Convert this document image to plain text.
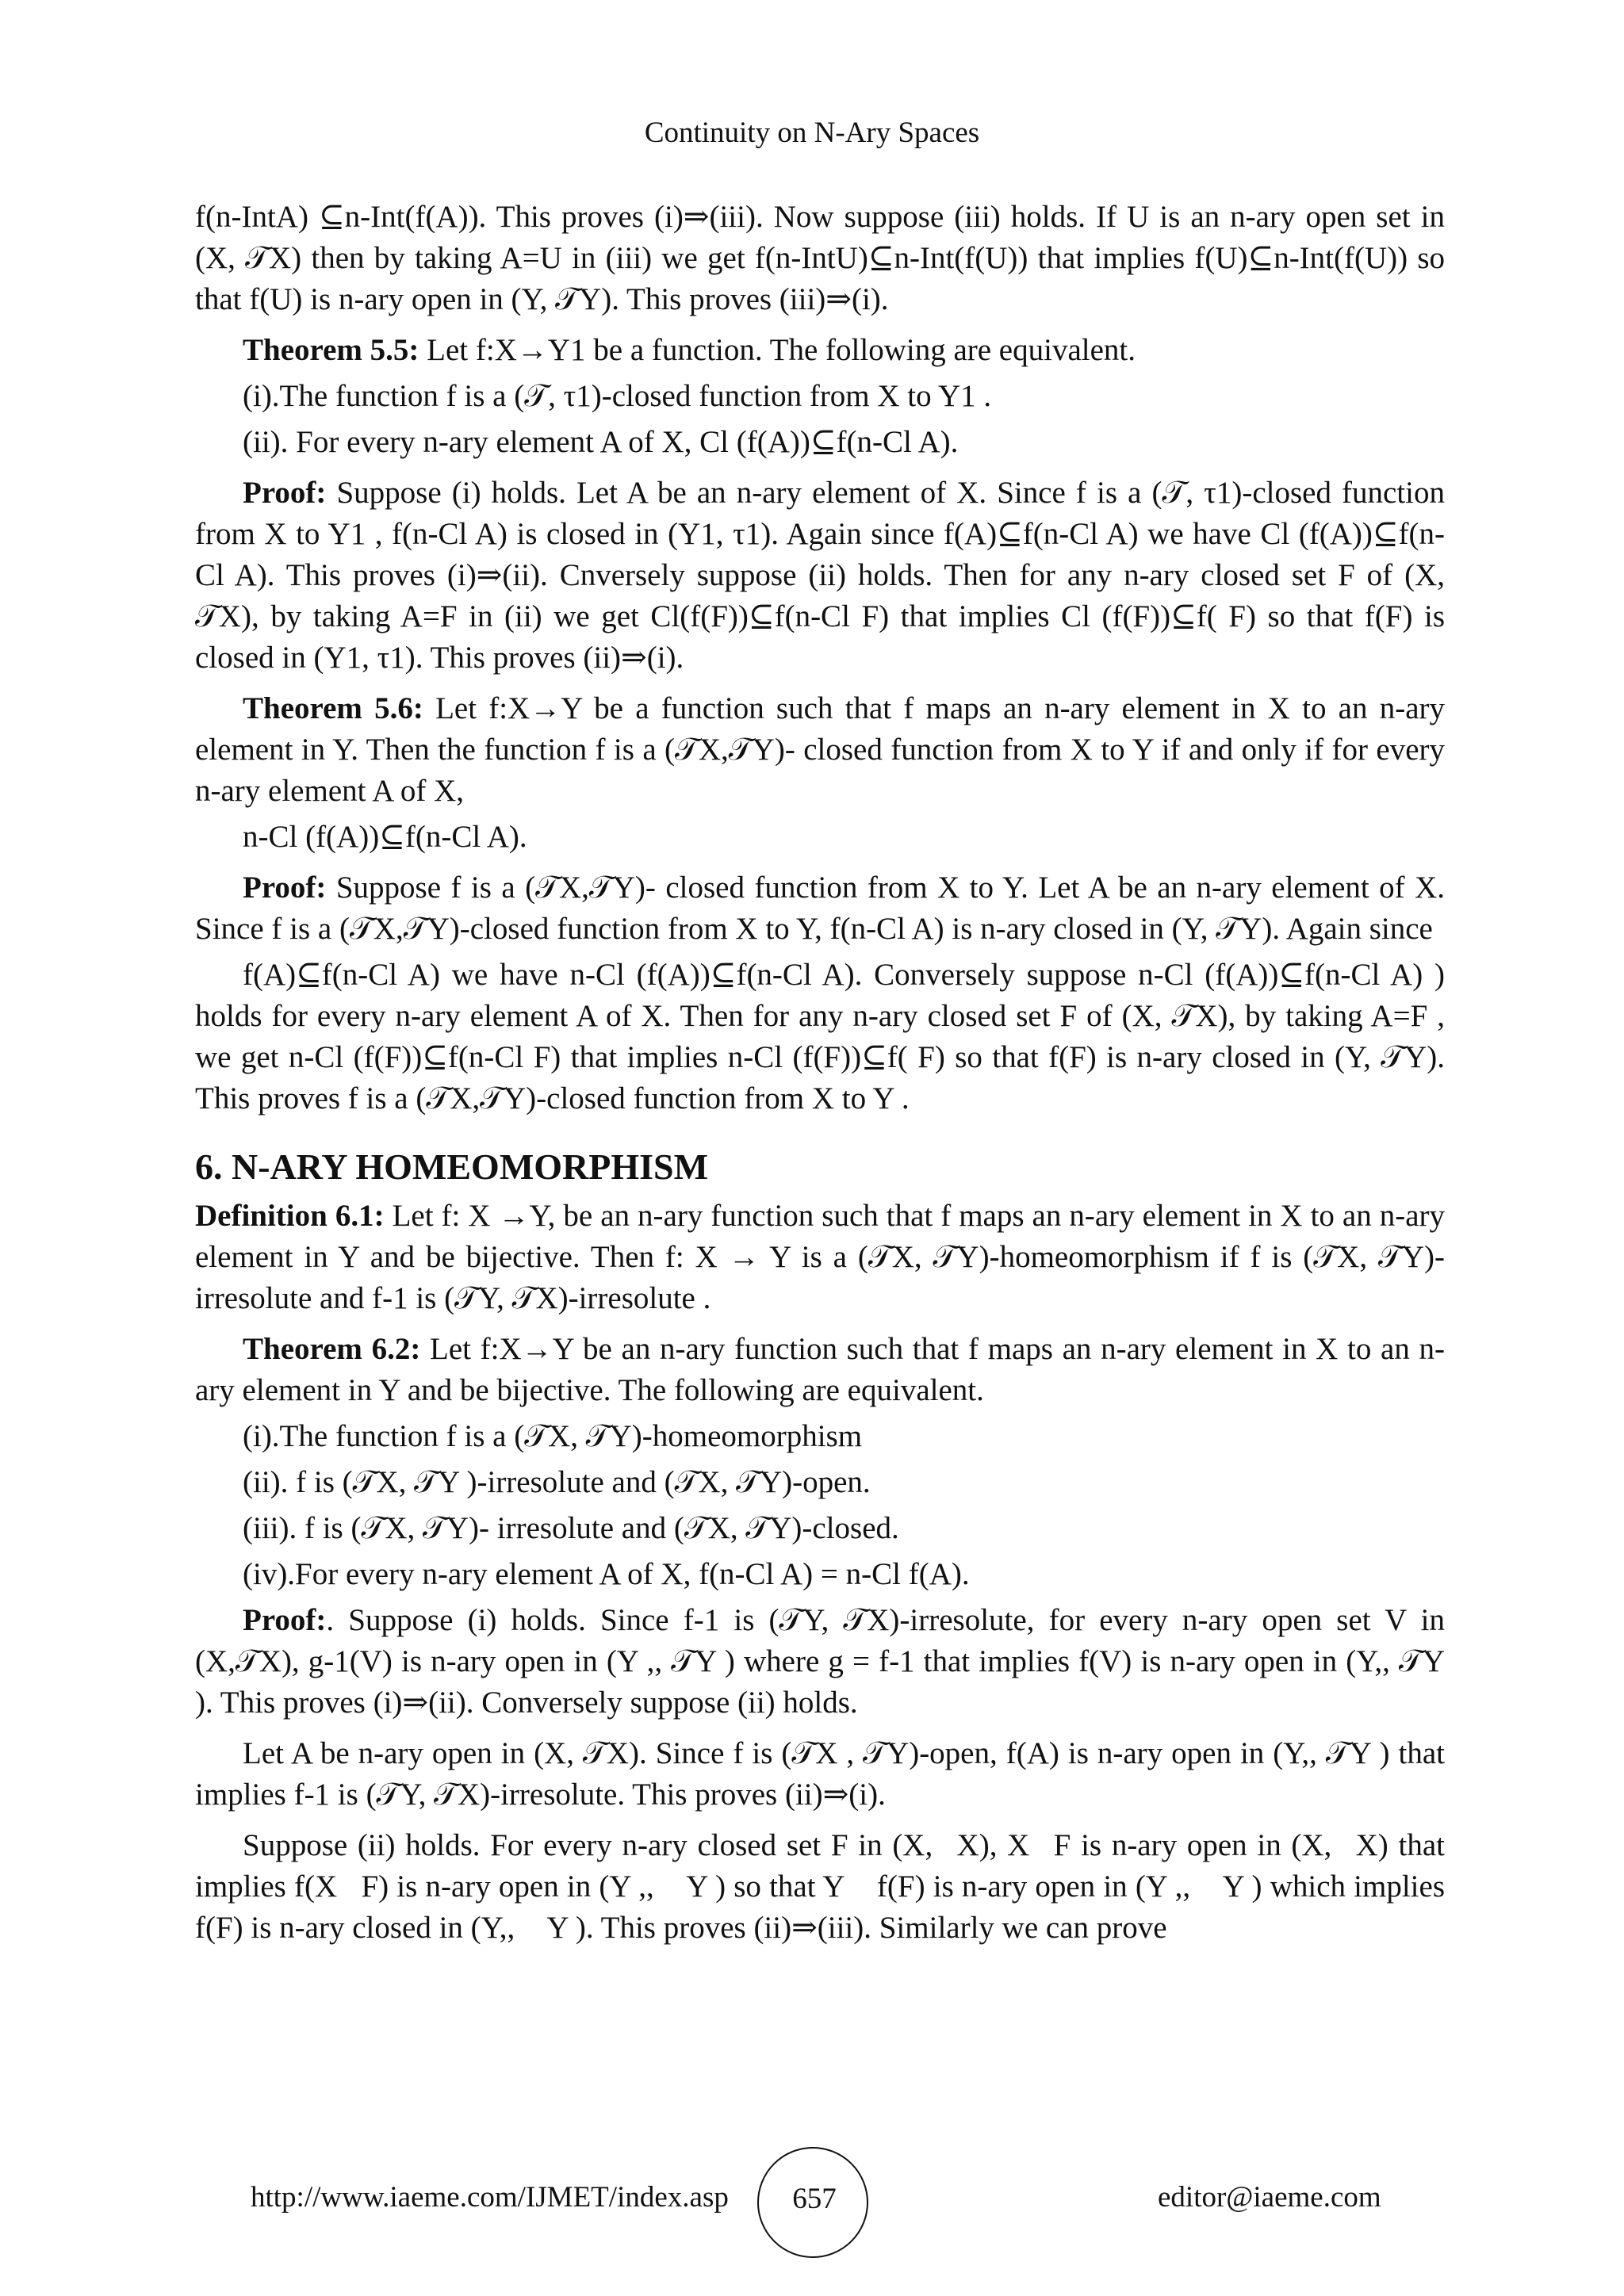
Continuity on N-Ary Spaces

f(n-IntA) ⊆n-Int(f(A)). This proves (i)⇒(iii). Now suppose (iii) holds. If U is an n-ary open set in (X, 𝒯X) then by taking A=U in (iii) we get f(n-IntU)⊆n-Int(f(U)) that implies f(U)⊆n-Int(f(U)) so that f(U) is n-ary open in (Y, 𝒯Y). This proves (iii)⇒(i).

Theorem 5.5: Let f:X→Y1 be a function. The following are equivalent.

(i).The function f is a (𝒯, τ1)-closed function from X to Y1 .

(ii). For every n-ary element A of X, Cl (f(A))⊆f(n-Cl A).

Proof: Suppose (i) holds. Let A be an n-ary element of X. Since f is a (𝒯, τ1)-closed function from X to Y1 , f(n-Cl A) is closed in (Y1, τ1). Again since f(A)⊆f(n-Cl A) we have Cl (f(A))⊆f(n-Cl A). This proves (i)⇒(ii). Cnversely suppose (ii) holds. Then for any n-ary closed set F of (X, 𝒯X), by taking A=F in (ii) we get Cl(f(F))⊆f(n-Cl F) that implies Cl (f(F))⊆f( F) so that f(F) is closed in (Y1, τ1). This proves (ii)⇒(i).

Theorem 5.6: Let f:X→Y be a function such that f maps an n-ary element in X to an n-ary element in Y. Then the function f is a (𝒯X,𝒯Y)- closed function from X to Y if and only if for every n-ary element A of X,

n-Cl (f(A))⊆f(n-Cl A).

Proof: Suppose f is a (𝒯X,𝒯Y)- closed function from X to Y. Let A be an n-ary element of X. Since f is a (𝒯X,𝒯Y)-closed function from X to Y, f(n-Cl A) is n-ary closed in (Y, 𝒯Y). Again since

f(A)⊆f(n-Cl A) we have n-Cl (f(A))⊆f(n-Cl A). Conversely suppose n-Cl (f(A))⊆f(n-Cl A) ) holds for every n-ary element A of X. Then for any n-ary closed set F of (X, 𝒯X), by taking A=F , we get n-Cl (f(F))⊆f(n-Cl F) that implies n-Cl (f(F))⊆f( F) so that f(F) is n-ary closed in (Y, 𝒯Y). This proves f is a (𝒯X,𝒯Y)-closed function from X to Y .

6. N-ARY HOMEOMORPHISM

Definition 6.1: Let f: X →Y, be an n-ary function such that f maps an n-ary element in X to an n-ary element in Y and be bijective. Then f: X → Y is a (𝒯X, 𝒯Y)-homeomorphism if f is (𝒯X, 𝒯Y)-irresolute and f-1 is (𝒯Y, 𝒯X)-irresolute .

Theorem 6.2: Let f:X→Y be an n-ary function such that f maps an n-ary element in X to an n-ary element in Y and be bijective. The following are equivalent.

(i).The function f is a (𝒯X, 𝒯Y)-homeomorphism

(ii). f is (𝒯X, 𝒯Y )-irresolute and (𝒯X, 𝒯Y)-open.

(iii). f is (𝒯X, 𝒯Y)- irresolute and (𝒯X, 𝒯Y)-closed.

(iv).For every n-ary element A of X, f(n-Cl A) = n-Cl f(A).

Proof:. Suppose (i) holds. Since f-1 is (𝒯Y, 𝒯X)-irresolute, for every n-ary open set V in (X,𝒯X), g-1(V) is n-ary open in (Y ,, 𝒯Y ) where g = f-1 that implies f(V) is n-ary open in (Y,, 𝒯Y ). This proves (i)⇒(ii). Conversely suppose (ii) holds.

Let A be n-ary open in (X, 𝒯X). Since f is (𝒯X , 𝒯Y)-open, f(A) is n-ary open in (Y,, 𝒯Y ) that implies f-1 is (𝒯Y, 𝒯X)-irresolute. This proves (ii)⇒(i).

Suppose (ii) holds. For every n-ary closed set F in (X,𝒯X), X⃠F is n-ary open in (X,𝒯X) that implies f(X⃠F) is n-ary open in (Y ,, 𝒯Y ) so that Y⃠ f(F) is n-ary open in (Y ,, 𝒯Y ) which implies f(F) is n-ary closed in (Y,, 𝒯Y ). This proves (ii)⇒(iii). Similarly we can prove

http://www.iaeme.com/IJMET/index.asp	657	editor@iaeme.com
